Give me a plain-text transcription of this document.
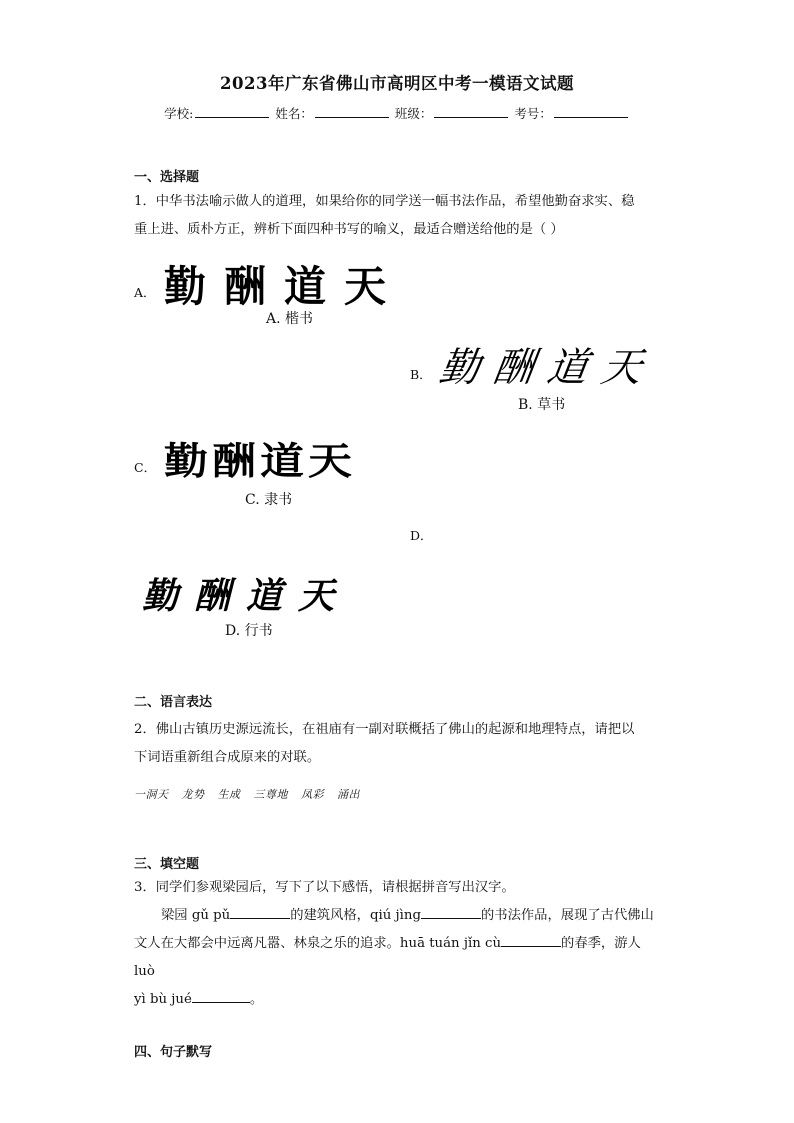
2023年广东省佛山市高明区中考一模语文试题
学校:	姓名：	班级：	考号：
一、选择题
1．中华书法喻示做人的道理，如果给你的同学送一幅书法作品，希望他勤奋求实、稳
重上进、质朴方正，辨析下面四种书写的喻义，最适合赠送给他的是（ ）
A． 勤酬道天
A. 楷书
B． 勤酬道天
B. 草书
C． 勤酬道天
C. 隶书
D．
勤酬道天
D. 行书
二、语言表达
2．佛山古镇历史源远流长，在祖庙有一副对联概括了佛山的起源和地理特点，请把以
下词语重新组合成原来的对联。
一洞天 龙势 生成 三尊地 凤彩 涌出
三、填空题
3．同学们参观梁园后，写下了以下感悟，请根据拼音写出汉字。
梁园 gǔ pǔ	的建筑风格，qiú jìng	的书法作品，展现了古代佛山
文人在大都会中远离凡嚣、林泉之乐的追求。huā tuán jǐn cù	的春季，游人 luò
yì bù jué	。
四、句子默写
